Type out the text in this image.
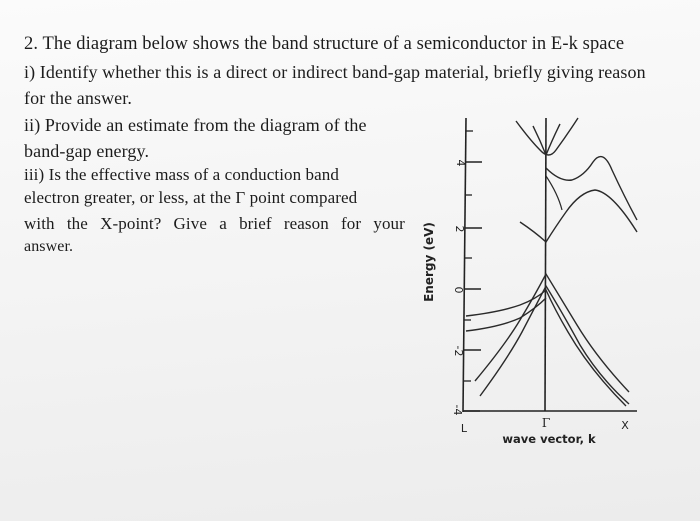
2. The diagram below shows the band structure of a semiconductor in E-k space
i) Identify whether this is a direct or indirect band-gap material, briefly giving reason
for the answer.
ii) Provide an estimate from the diagram of the
band-gap energy.
iii) Is the effective mass of a conduction band
electron greater, or less, at the Γ point compared
with the X-point? Give a brief reason for your
answer.
4
2
0
-2
-4
Energy (eV)
L	Γ	X
wave vector, k
